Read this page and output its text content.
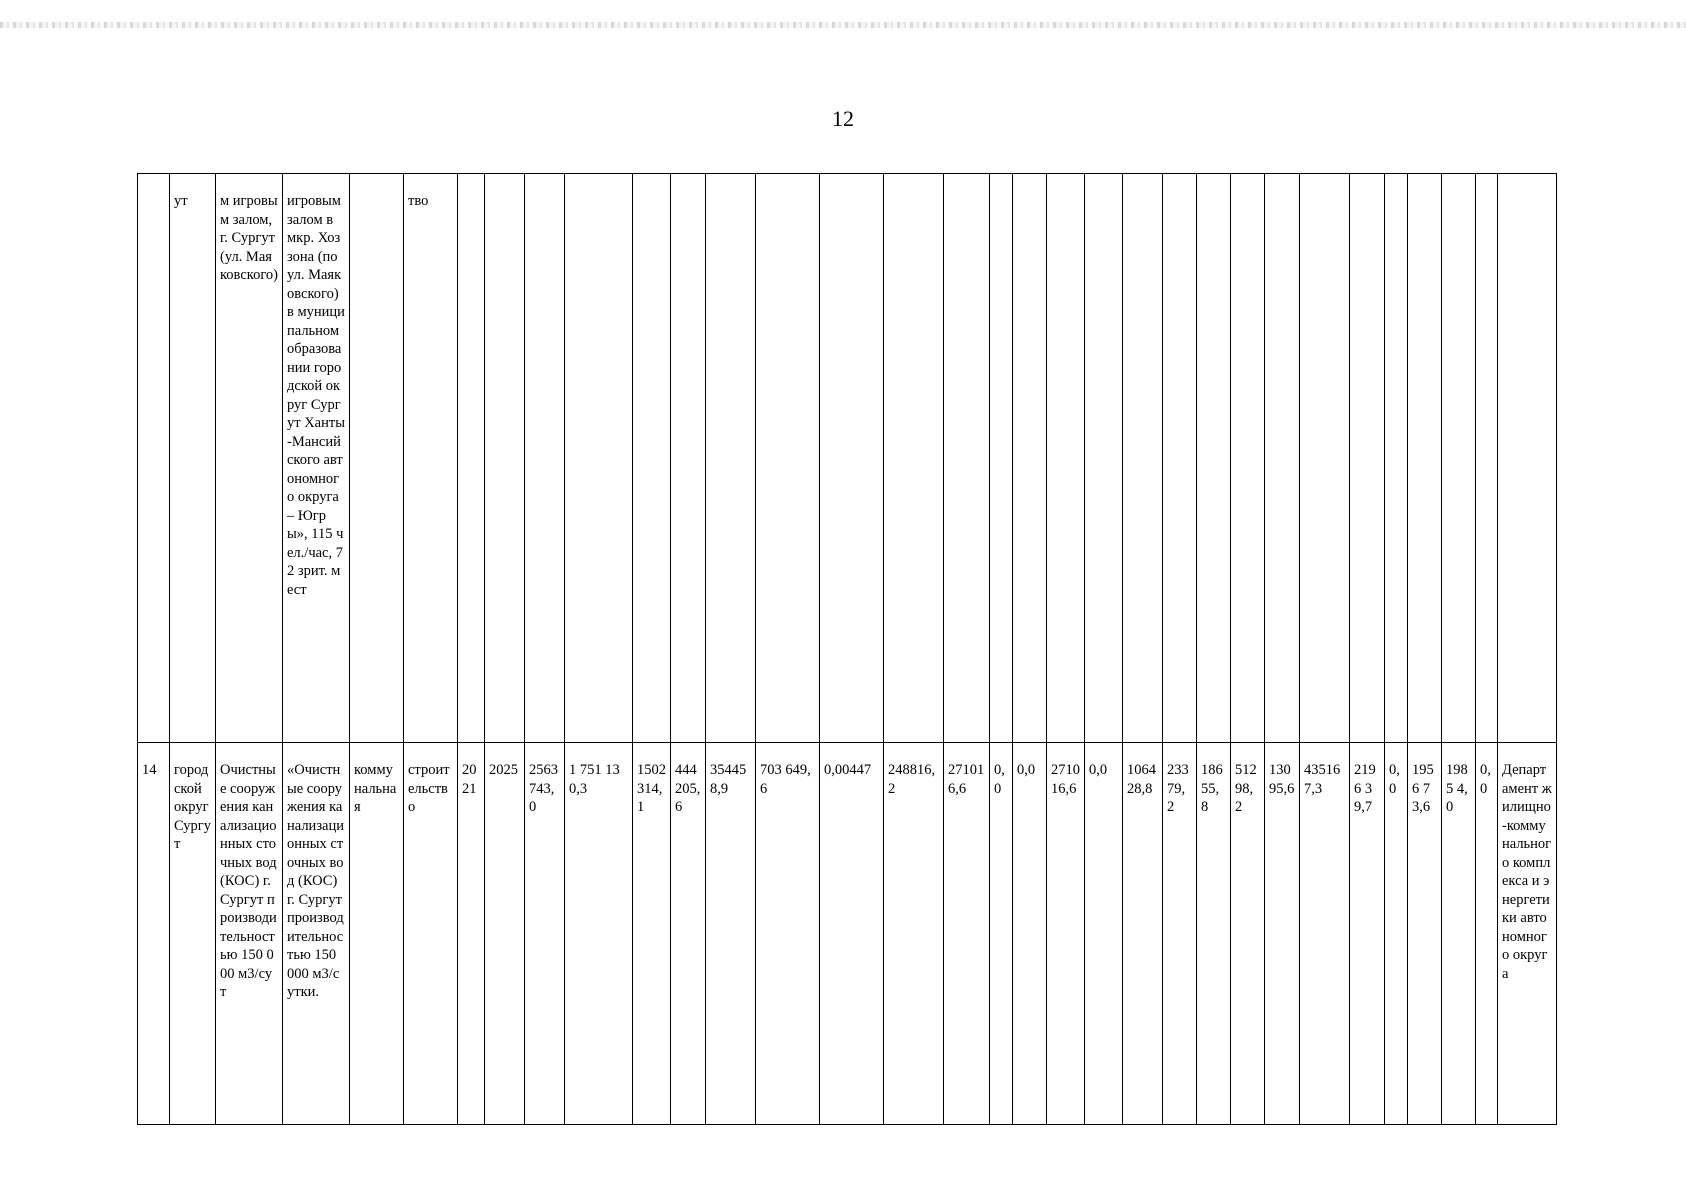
12
	ут	м игровым залом, г. Сургут (ул. Маяковского)	игровым залом в мкр. Хоззона (по ул. Маяковского) в муниципальном образовании городской округ Сургут Ханты-Мансийского автономного округа – Югры», 115 чел./час, 72 зрит. мест		тво																														
14	городской округ Сургут	Очистные сооружения канализационных сточных вод (КОС) г. Сургут производительностью 150 000 м3/сут	«Очистные сооружения канализационных сточных вод (КОС) г. Сургут производительностью 150 000 м3/сутки.	коммунальная	строительство	2021	2025	2563743,0	1 751 130,3	1502314,1	444205,6	354458,9	703 649,6	0,00447	248816,2	271016,6	0,0	0,0	271016,6	0,0	106428,8	23379,2	18655,8	51298,2	13095,6	435167,3	2196 39,7	0,0	1956 73,6	1985 4,0	0,0	Департамент жилищно-коммунального комплекса и энергетики автономного округа	
